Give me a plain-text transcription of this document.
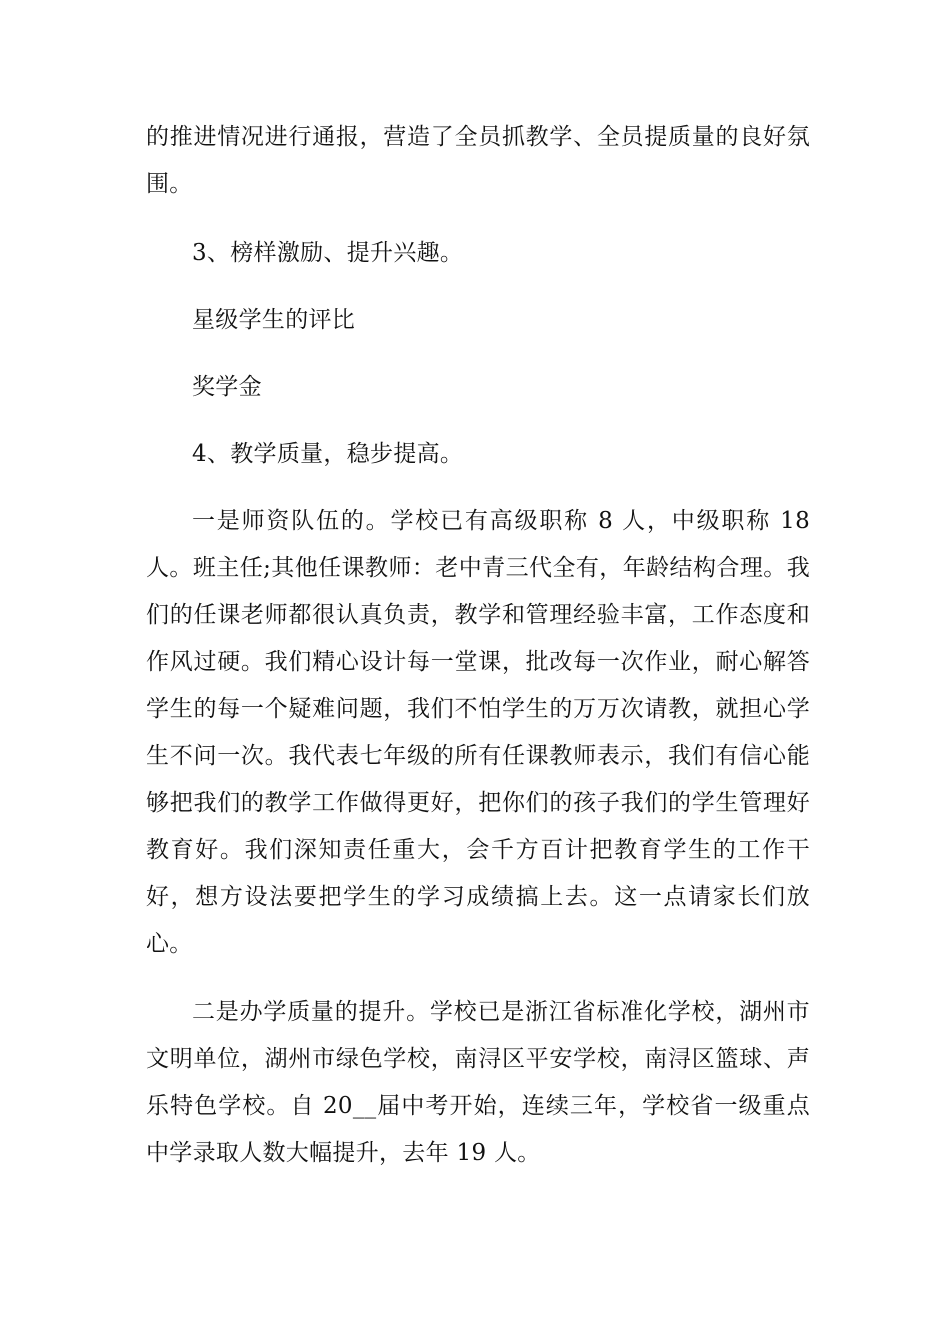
的推进情况进行通报，营造了全员抓教学、全员提质量的良好氛围。

3、榜样激励、提升兴趣。

星级学生的评比

奖学金

4、教学质量，稳步提高。

一是师资队伍的。学校已有高级职称 8 人，中级职称 18 人。班主任;其他任课教师：老中青三代全有，年龄结构合理。我们的任课老师都很认真负责，教学和管理经验丰富，工作态度和作风过硬。我们精心设计每一堂课，批改每一次作业，耐心解答学生的每一个疑难问题，我们不怕学生的万万次请教，就担心学生不问一次。我代表七年级的所有任课教师表示，我们有信心能够把我们的教学工作做得更好，把你们的孩子我们的学生管理好教育好。我们深知责任重大，会千方百计把教育学生的工作干好，想方设法要把学生的学习成绩搞上去。这一点请家长们放心。

二是办学质量的提升。学校已是浙江省标准化学校，湖州市文明单位，湖州市绿色学校，南浔区平安学校，南浔区篮球、声乐特色学校。自 20__届中考开始，连续三年，学校省一级重点中学录取人数大幅提升，去年 19 人。
